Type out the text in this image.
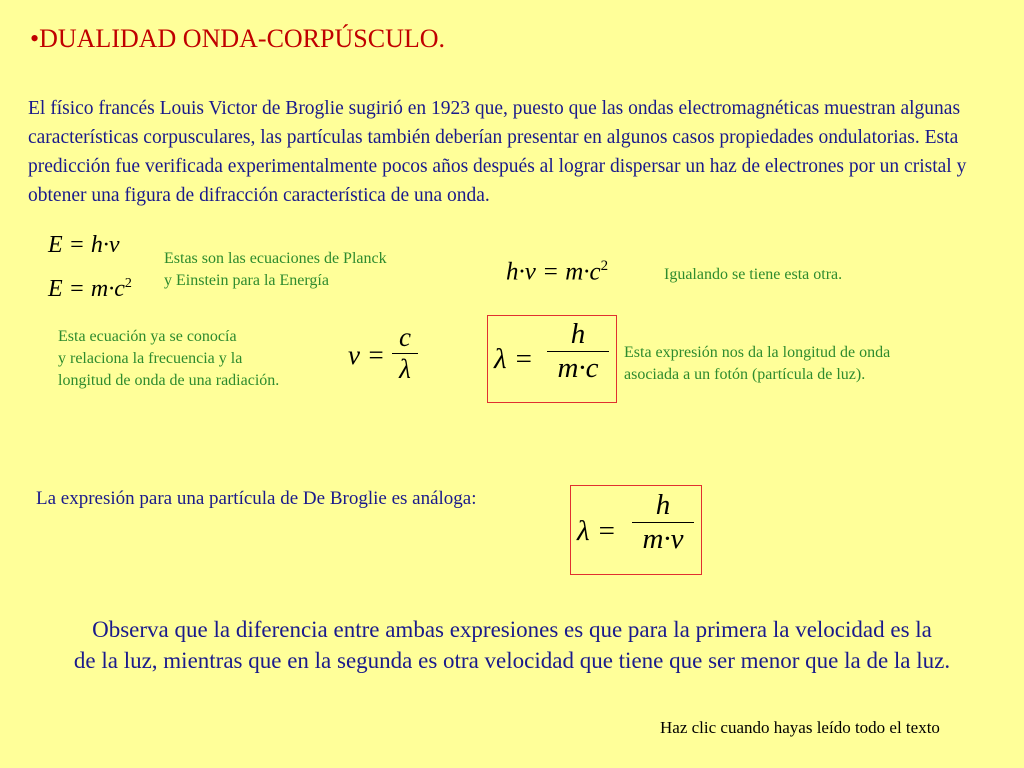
•DUALIDAD ONDA-CORPÚSCULO.
El físico francés Louis Victor de Broglie sugirió en 1923 que, puesto que las ondas electromagnéticas muestran algunas características corpusculares, las partículas también deberían presentar en algunos casos propiedades ondulatorias. Esta predicción fue verificada experimentalmente pocos años después al lograr dispersar un haz de electrones por un cristal y obtener una figura de difracción característica de una onda.
E = h·ν
$E = m\cdot c^2$
Estas son las ecuaciones de Planck
y Einstein para la Energía	$h\cdot\nu = m\cdot c^2$	Igualando se tiene esta otra.
Esta ecuación ya se conocía
y relaciona la frecuencia y la
longitud de onda de una radiación.
ν =
c
λ	λ =
h
m·c Esta expresión nos da la longitud de onda
asociada a un fotón (partícula de luz).
La expresión para una partícula de De Broglie es análoga:
λ =
h
m·v
Observa que la diferencia entre ambas expresiones es que para la primera la velocidad es la
de la luz, mientras que en la segunda es otra velocidad que tiene que ser menor que la de la luz.
Haz clic cuando hayas leído todo el texto
